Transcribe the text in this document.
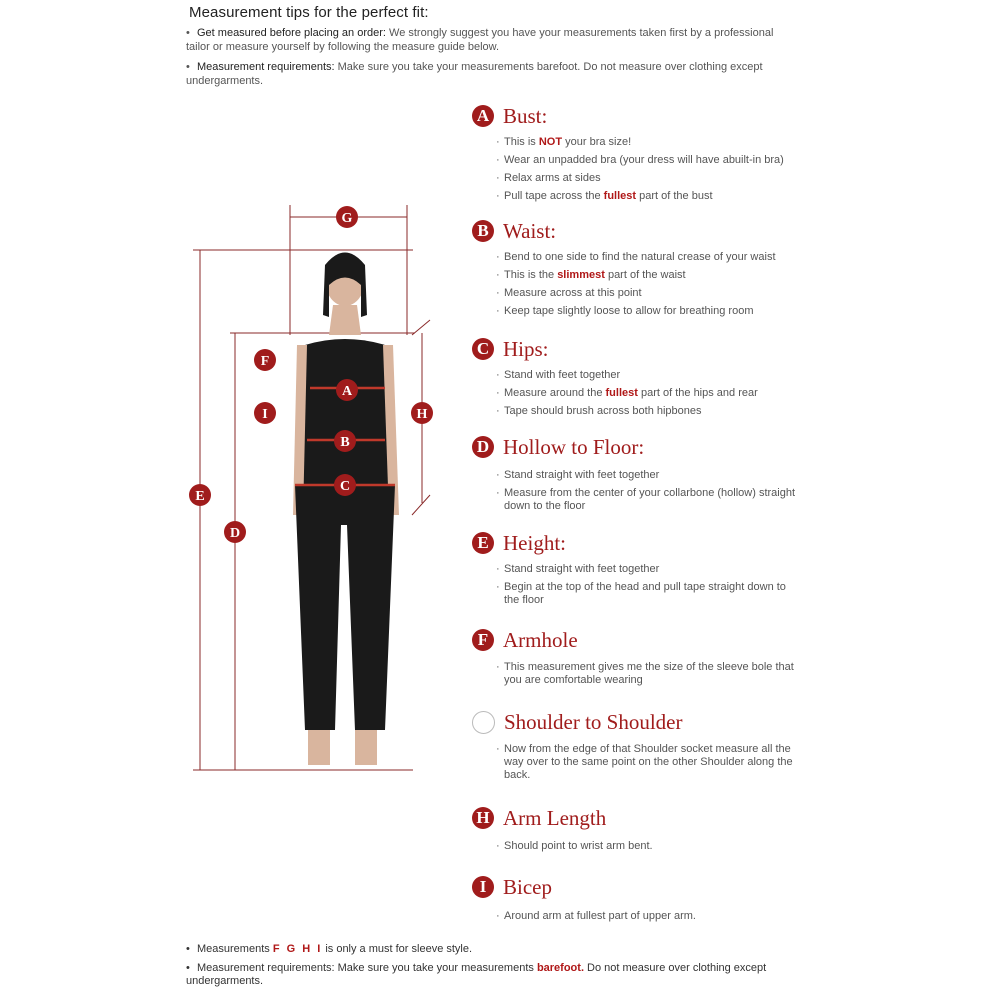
Measurement tips for the perfect fit:
• Get measured before placing an order: We strongly suggest you have your measurements taken first by a professional tailor or measure yourself by following the measure guide below.
• Measurement requirements: Make sure you take your measurements barefoot. Do not measure over clothing except undergarments.
G
F
A
I	H
B
C
E
D
A Bust:
· This is NOT your bra size!
· Wear an unpadded bra (your dress will have abuilt-in bra)
· Relax arms at sides
· Pull tape across the fullest part of the bust
B Waist:
· Bend to one side to find the natural crease of your waist
· This is the slimmest part of the waist
· Measure across at this point
· Keep tape slightly loose to allow for breathing room
C Hips:
· Stand with feet together
· Measure around the fullest part of the hips and rear
· Tape should brush across both hipbones
D Hollow to Floor:
· Stand straight with feet together
· Measure from the center of your collarbone (hollow) straight down to the floor
E Height:
· Stand straight with feet together
· Begin at the top of the head and pull tape straight down to the floor
F Armhole
· This measurement gives me the size of the sleeve bole that you are comfortable wearing
Shoulder to Shoulder
· Now from the edge of that Shoulder socket measure all the way over to the same point on the other Shoulder along the back.
H Arm Length
· Should point to wrist arm bent.
I Bicep
· Around arm at fullest part of upper arm.
• Measurements F G H I is only a must for sleeve style.
• Measurement requirements: Make sure you take your measurements barefoot. Do not measure over clothing except undergarments.
